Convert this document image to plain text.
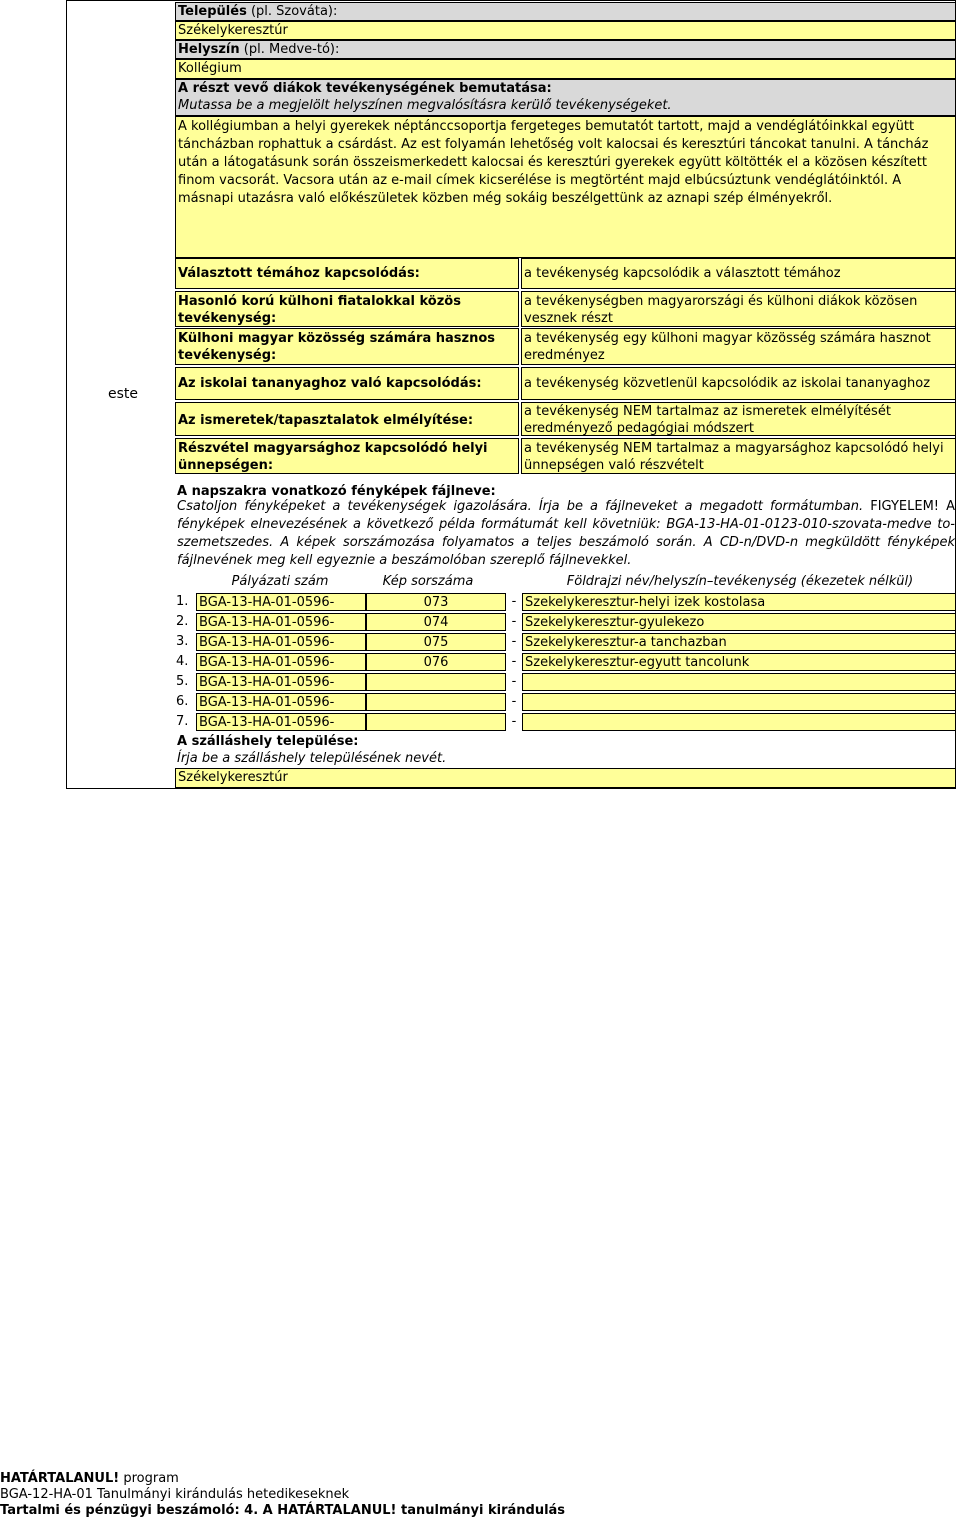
Település (pl. Szováta):
Székelykeresztúr
Helyszín (pl. Medve-tó):
Kollégium
A részt vevő diákok tevékenységének bemutatása:
Mutassa be a megjelölt helyszínen megvalósításra kerülő tevékenységeket.
A kollégiumban a helyi gyerekek néptánccsoportja fergeteges bemutatót tartott, majd a vendéglátóinkkal együtt táncházban rophattuk a csárdást. Az est folyamán lehetőség volt kalocsai és keresztúri táncokat tanulni. A táncház után a látogatásunk során összeismerkedett kalocsai és keresztúri gyerekek együtt költötték el a közösen készített finom vacsorát. Vacsora után az e-mail címek kicserélése is megtörtént majd elbúcsúztunk vendéglátóinktól. A másnapi utazásra való előkészületek közben még sokáig beszélgettünk az aznapi szép élményekről.
este
Választott témához kapcsolódás:	a tevékenység kapcsolódik a választott témához
Hasonló korú külhoni fiatalokkal közös tevékenység:
a tevékenységben magyarországi és külhoni diákok közösen vesznek részt
Külhoni magyar közösség számára hasznos tevékenység:
a tevékenység egy külhoni magyar közösség számára hasznot eredményez
Az iskolai tananyaghoz való kapcsolódás:	a tevékenység közvetlenül kapcsolódik az iskolai tananyaghoz
Az ismeretek/tapasztalatok elmélyítése:
a tevékenység NEM tartalmaz az ismeretek elmélyítését eredményező pedagógiai módszert
Részvétel magyarsághoz kapcsolódó helyi ünnepségen:
a tevékenység NEM tartalmaz a magyarsághoz kapcsolódó helyi ünnepségen való részvételt
A napszakra vonatkozó fényképek fájlneve:
Csatoljon fényképeket a tevékenységek igazolására. Írja be a fájlneveket a megadott formátumban. FIGYELEM! A fényképek elnevezésének a következő példa formátumát kell követniük: BGA-13-HA-01-0123-010-szovata-medve to-szemetszedes. A képek sorszámozása folyamatos a teljes beszámoló során. A CD-n/DVD-n megküldött fényképek fájlnevének meg kell egyeznie a beszámolóban szereplő fájlnevekkel.
Pályázati szám	Kép sorszáma	Földrajzi név/helyszín–tevékenység (ékezetek nélkül)
1. BGA-13-HA-01-0596-	073	- Szekelykeresztur-helyi izek kostolasa
2. BGA-13-HA-01-0596-	074	- Szekelykeresztur-gyulekezo
3. BGA-13-HA-01-0596-	075	- Szekelykeresztur-a tanchazban
4. BGA-13-HA-01-0596-	076	- Szekelykeresztur-egyutt tancolunk
5. BGA-13-HA-01-0596-	-
6. BGA-13-HA-01-0596-	-
7. BGA-13-HA-01-0596-	-
A szálláshely települése:
Írja be a szálláshely településének nevét.
Székelykeresztúr
HATÁRTALANUL! program
BGA-12-HA-01 Tanulmányi kirándulás hetedikeseknek
Tartalmi és pénzügyi beszámoló: 4. A HATÁRTALANUL! tanulmányi kirándulás
